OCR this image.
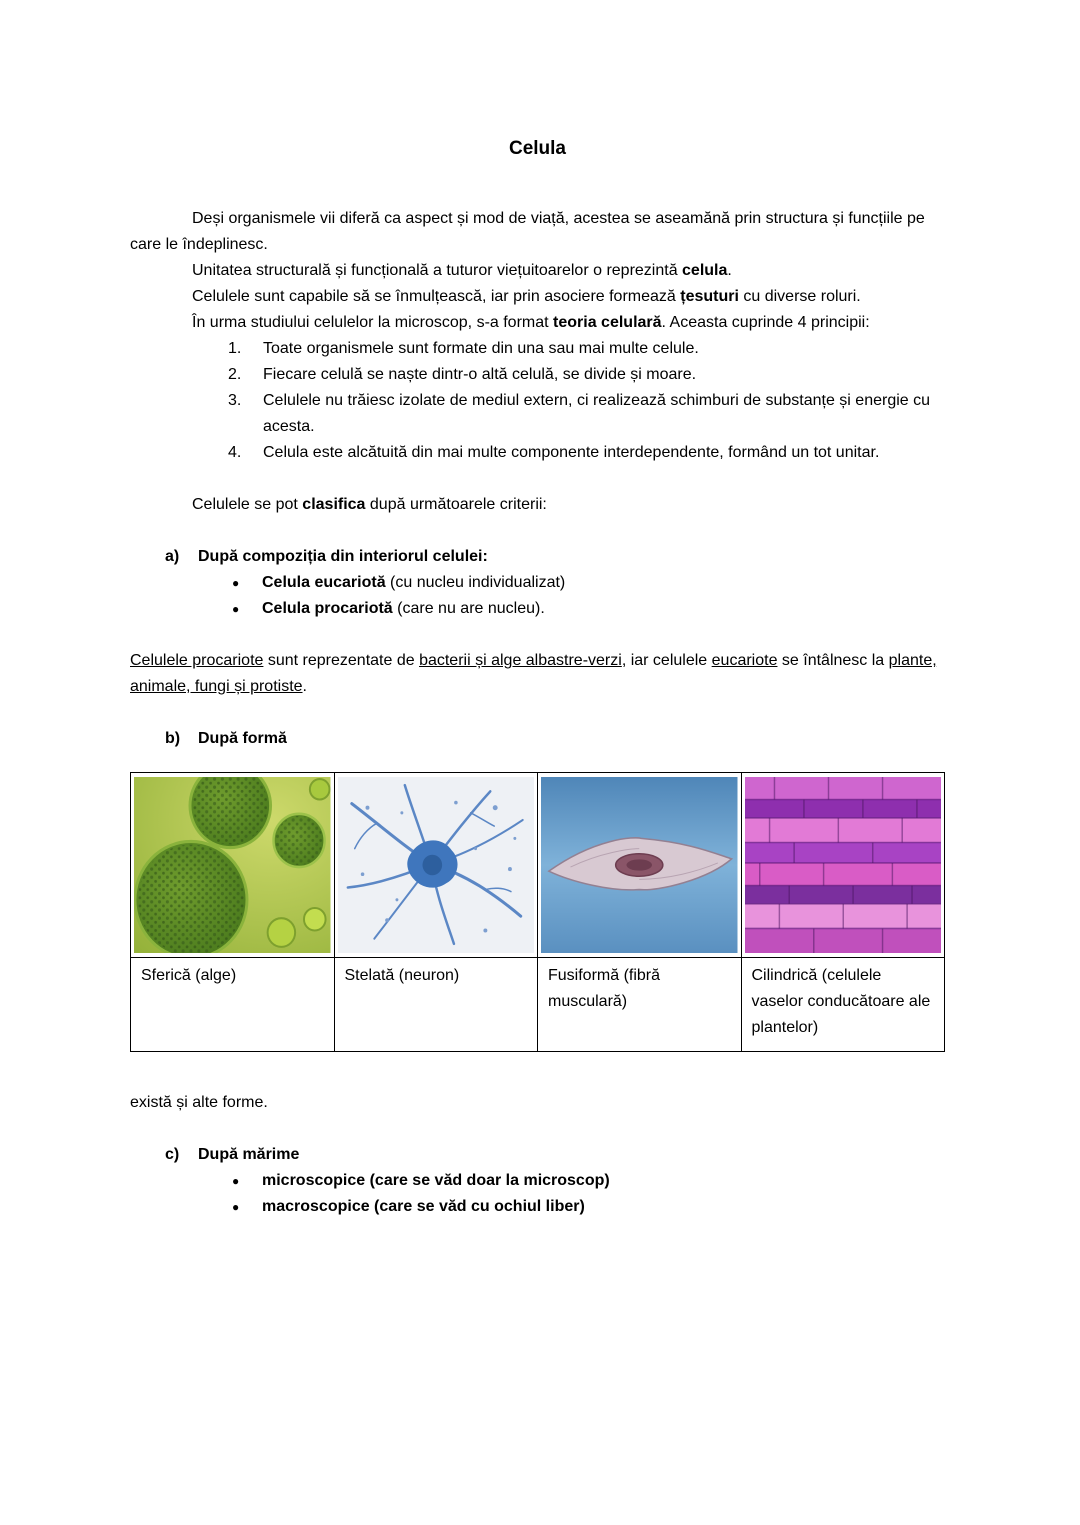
Celula

Deși organismele vii diferă ca aspect și mod de viață, acestea se aseamănă prin structura și funcțiile pe care le îndeplinesc.

Unitatea structurală și funcțională a tuturor viețuitoarelor o reprezintă celula.

Celulele sunt capabile să se înmulțească, iar prin asociere formează țesuturi cu diverse roluri.

În urma studiului celulelor la microscop, s-a format teoria celulară. Aceasta cuprinde 4 principii:

1.	Toate organismele sunt formate din una sau mai multe celule.
2.	Fiecare celulă se naște dintr-o altă celulă, se divide și moare.
3.	Celulele nu trăiesc izolate de mediul extern, ci realizează schimburi de substanțe și energie cu acesta.
4.	Celula este alcătuită din mai multe componente interdependente, formând un tot unitar.

Celulele se pot clasifica după următoarele criterii:

a)	După compoziția din interiorul celulei:
●	Celula eucariotă (cu nucleu individualizat)
●	Celula procariotă (care nu are nucleu).

Celulele procariote sunt reprezentate de bacterii și alge albastre-verzi, iar celulele eucariote se întâlnesc la plante, animale, fungi și protiste.

b)	După formă

Sferică (alge)	Stelată (neuron)	Fusiformă (fibră musculară)	Cilindrică (celulele vaselor conducătoare ale plantelor)

există și alte forme.

c)	După mărime
●	microscopice (care se văd doar la microscop)
●	macroscopice (care se văd cu ochiul liber)
